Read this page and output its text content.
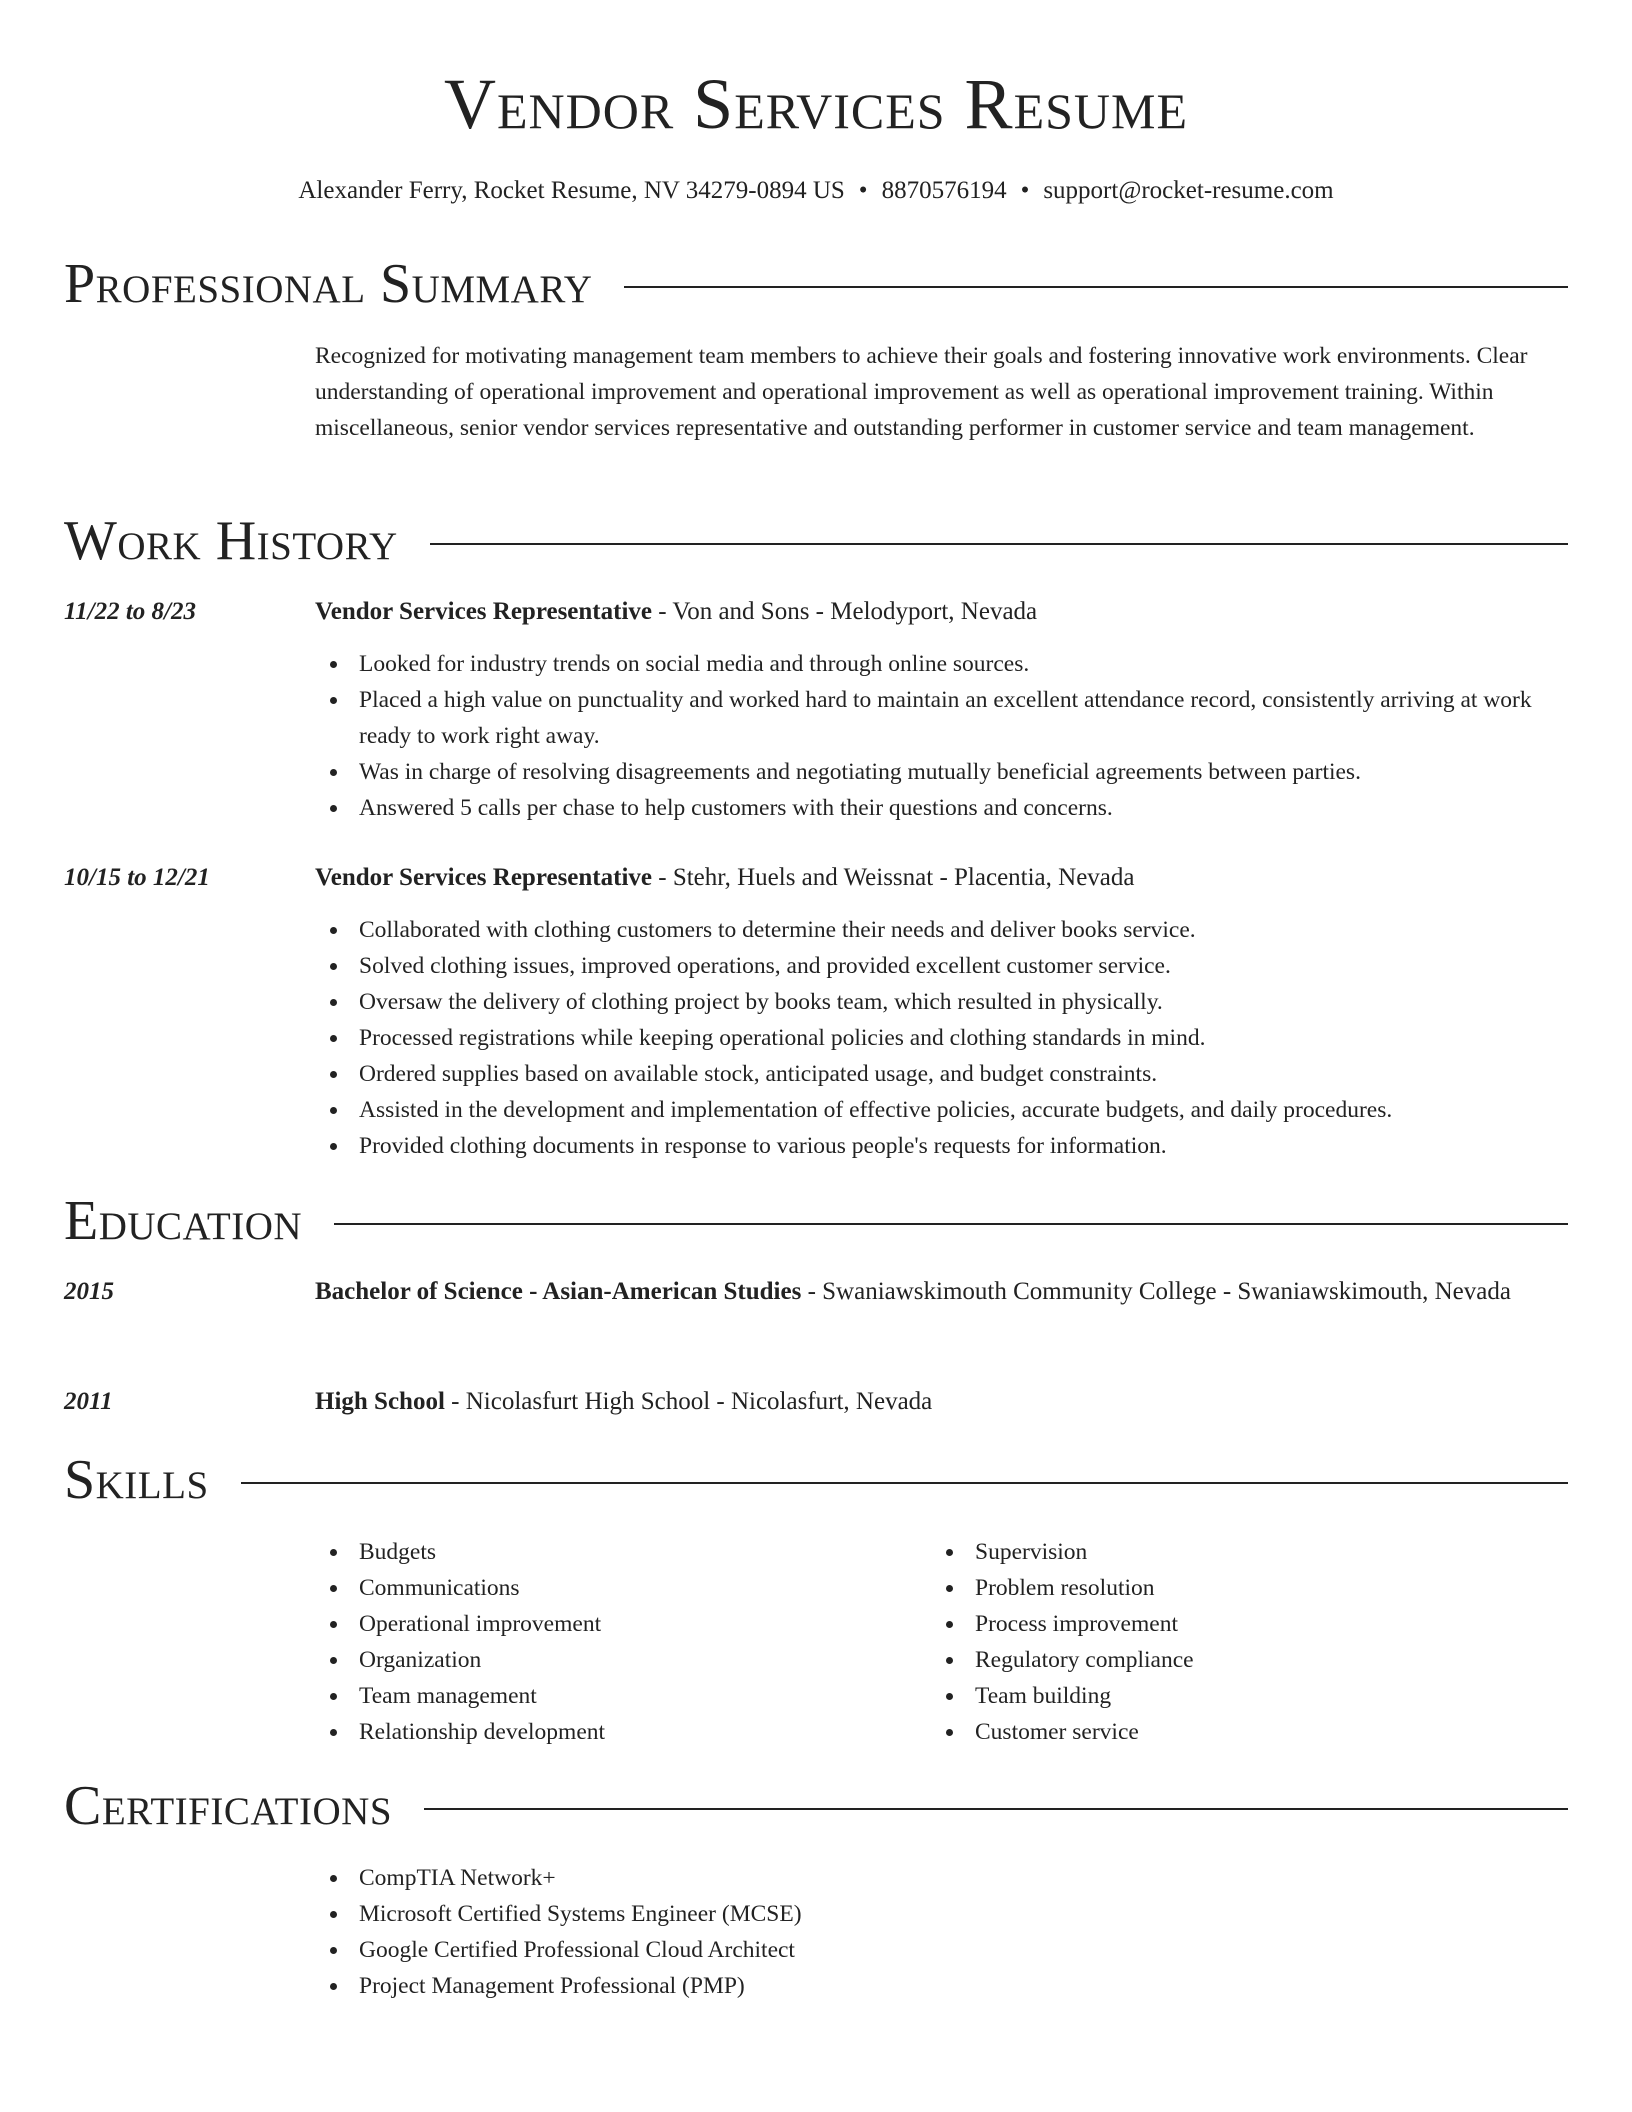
Vendor Services Resume
Alexander Ferry, Rocket Resume, NV 34279-0894 US • 8870576194 • support@rocket-resume.com
Professional Summary
Recognized for motivating management team members to achieve their goals and fostering innovative work environments. Clear understanding of operational improvement and operational improvement as well as operational improvement training. Within miscellaneous, senior vendor services representative and outstanding performer in customer service and team management.
Work History
11/22 to 8/23	Vendor Services Representative - Von and Sons - Melodyport, Nevada
Looked for industry trends on social media and through online sources.
Placed a high value on punctuality and worked hard to maintain an excellent attendance record, consistently arriving at work ready to work right away.
Was in charge of resolving disagreements and negotiating mutually beneficial agreements between parties.
Answered 5 calls per chase to help customers with their questions and concerns.
10/15 to 12/21	Vendor Services Representative - Stehr, Huels and Weissnat - Placentia, Nevada
Collaborated with clothing customers to determine their needs and deliver books service.
Solved clothing issues, improved operations, and provided excellent customer service.
Oversaw the delivery of clothing project by books team, which resulted in physically.
Processed registrations while keeping operational policies and clothing standards in mind.
Ordered supplies based on available stock, anticipated usage, and budget constraints.
Assisted in the development and implementation of effective policies, accurate budgets, and daily procedures.
Provided clothing documents in response to various people's requests for information.
Education
2015	Bachelor of Science - Asian-American Studies - Swaniawskimouth Community College - Swaniawskimouth, Nevada
2011	High School - Nicolasfurt High School - Nicolasfurt, Nevada
Skills
Budgets
Communications
Operational improvement
Organization
Team management
Relationship development
Supervision
Problem resolution
Process improvement
Regulatory compliance
Team building
Customer service
Certifications
CompTIA Network+
Microsoft Certified Systems Engineer (MCSE)
Google Certified Professional Cloud Architect
Project Management Professional (PMP)
